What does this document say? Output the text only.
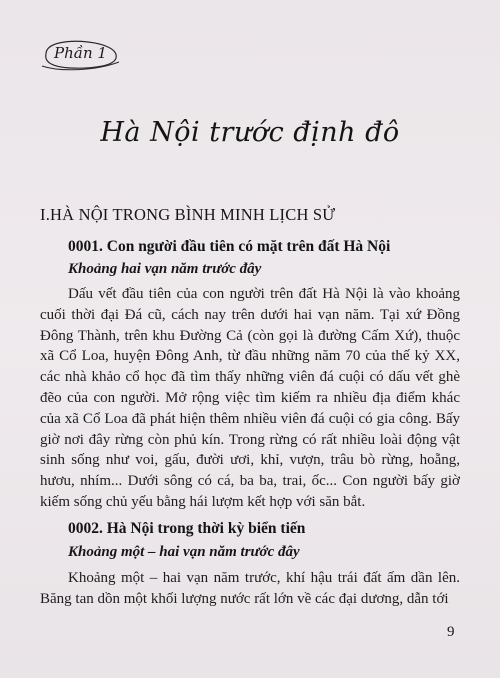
Phần 1
Hà Nội trước định đô
I.HÀ NỘI TRONG BÌNH MINH LỊCH SỬ
0001. Con người đầu tiên có mặt trên đất Hà Nội
Khoảng hai vạn năm trước đây
Dấu vết đầu tiên của con người trên đất Hà Nội là vào khoảng cuối thời đại Đá cũ, cách nay trên dưới hai vạn năm. Tại xứ Đồng Đông Thành, trên khu Đường Cả (còn gọi là đường Cấm Xứ), thuộc xã Cổ Loa, huyện Đông Anh, từ đầu những năm 70 của thế kỷ XX, các nhà khảo cổ học đã tìm thấy những viên đá cuội có dấu vết ghè đẽo của con người. Mở rộng việc tìm kiếm ra nhiều địa điểm khác của xã Cổ Loa đã phát hiện thêm nhiều viên đá cuội có gia công. Bấy giờ nơi đây rừng còn phủ kín. Trong rừng có rất nhiều loài động vật sinh sống như voi, gấu, đười ươi, khỉ, vượn, trâu bò rừng, hoẵng, hươu, nhím... Dưới sông có cá, ba ba, trai, ốc... Con người bấy giờ kiếm sống chủ yếu bằng hái lượm kết hợp với săn bắt.
0002. Hà Nội trong thời kỳ biển tiến
Khoảng một – hai vạn năm trước đây
Khoảng một – hai vạn năm trước, khí hậu trái đất ấm dần lên. Băng tan dồn một khối lượng nước rất lớn về các đại dương, dẫn tới
9
